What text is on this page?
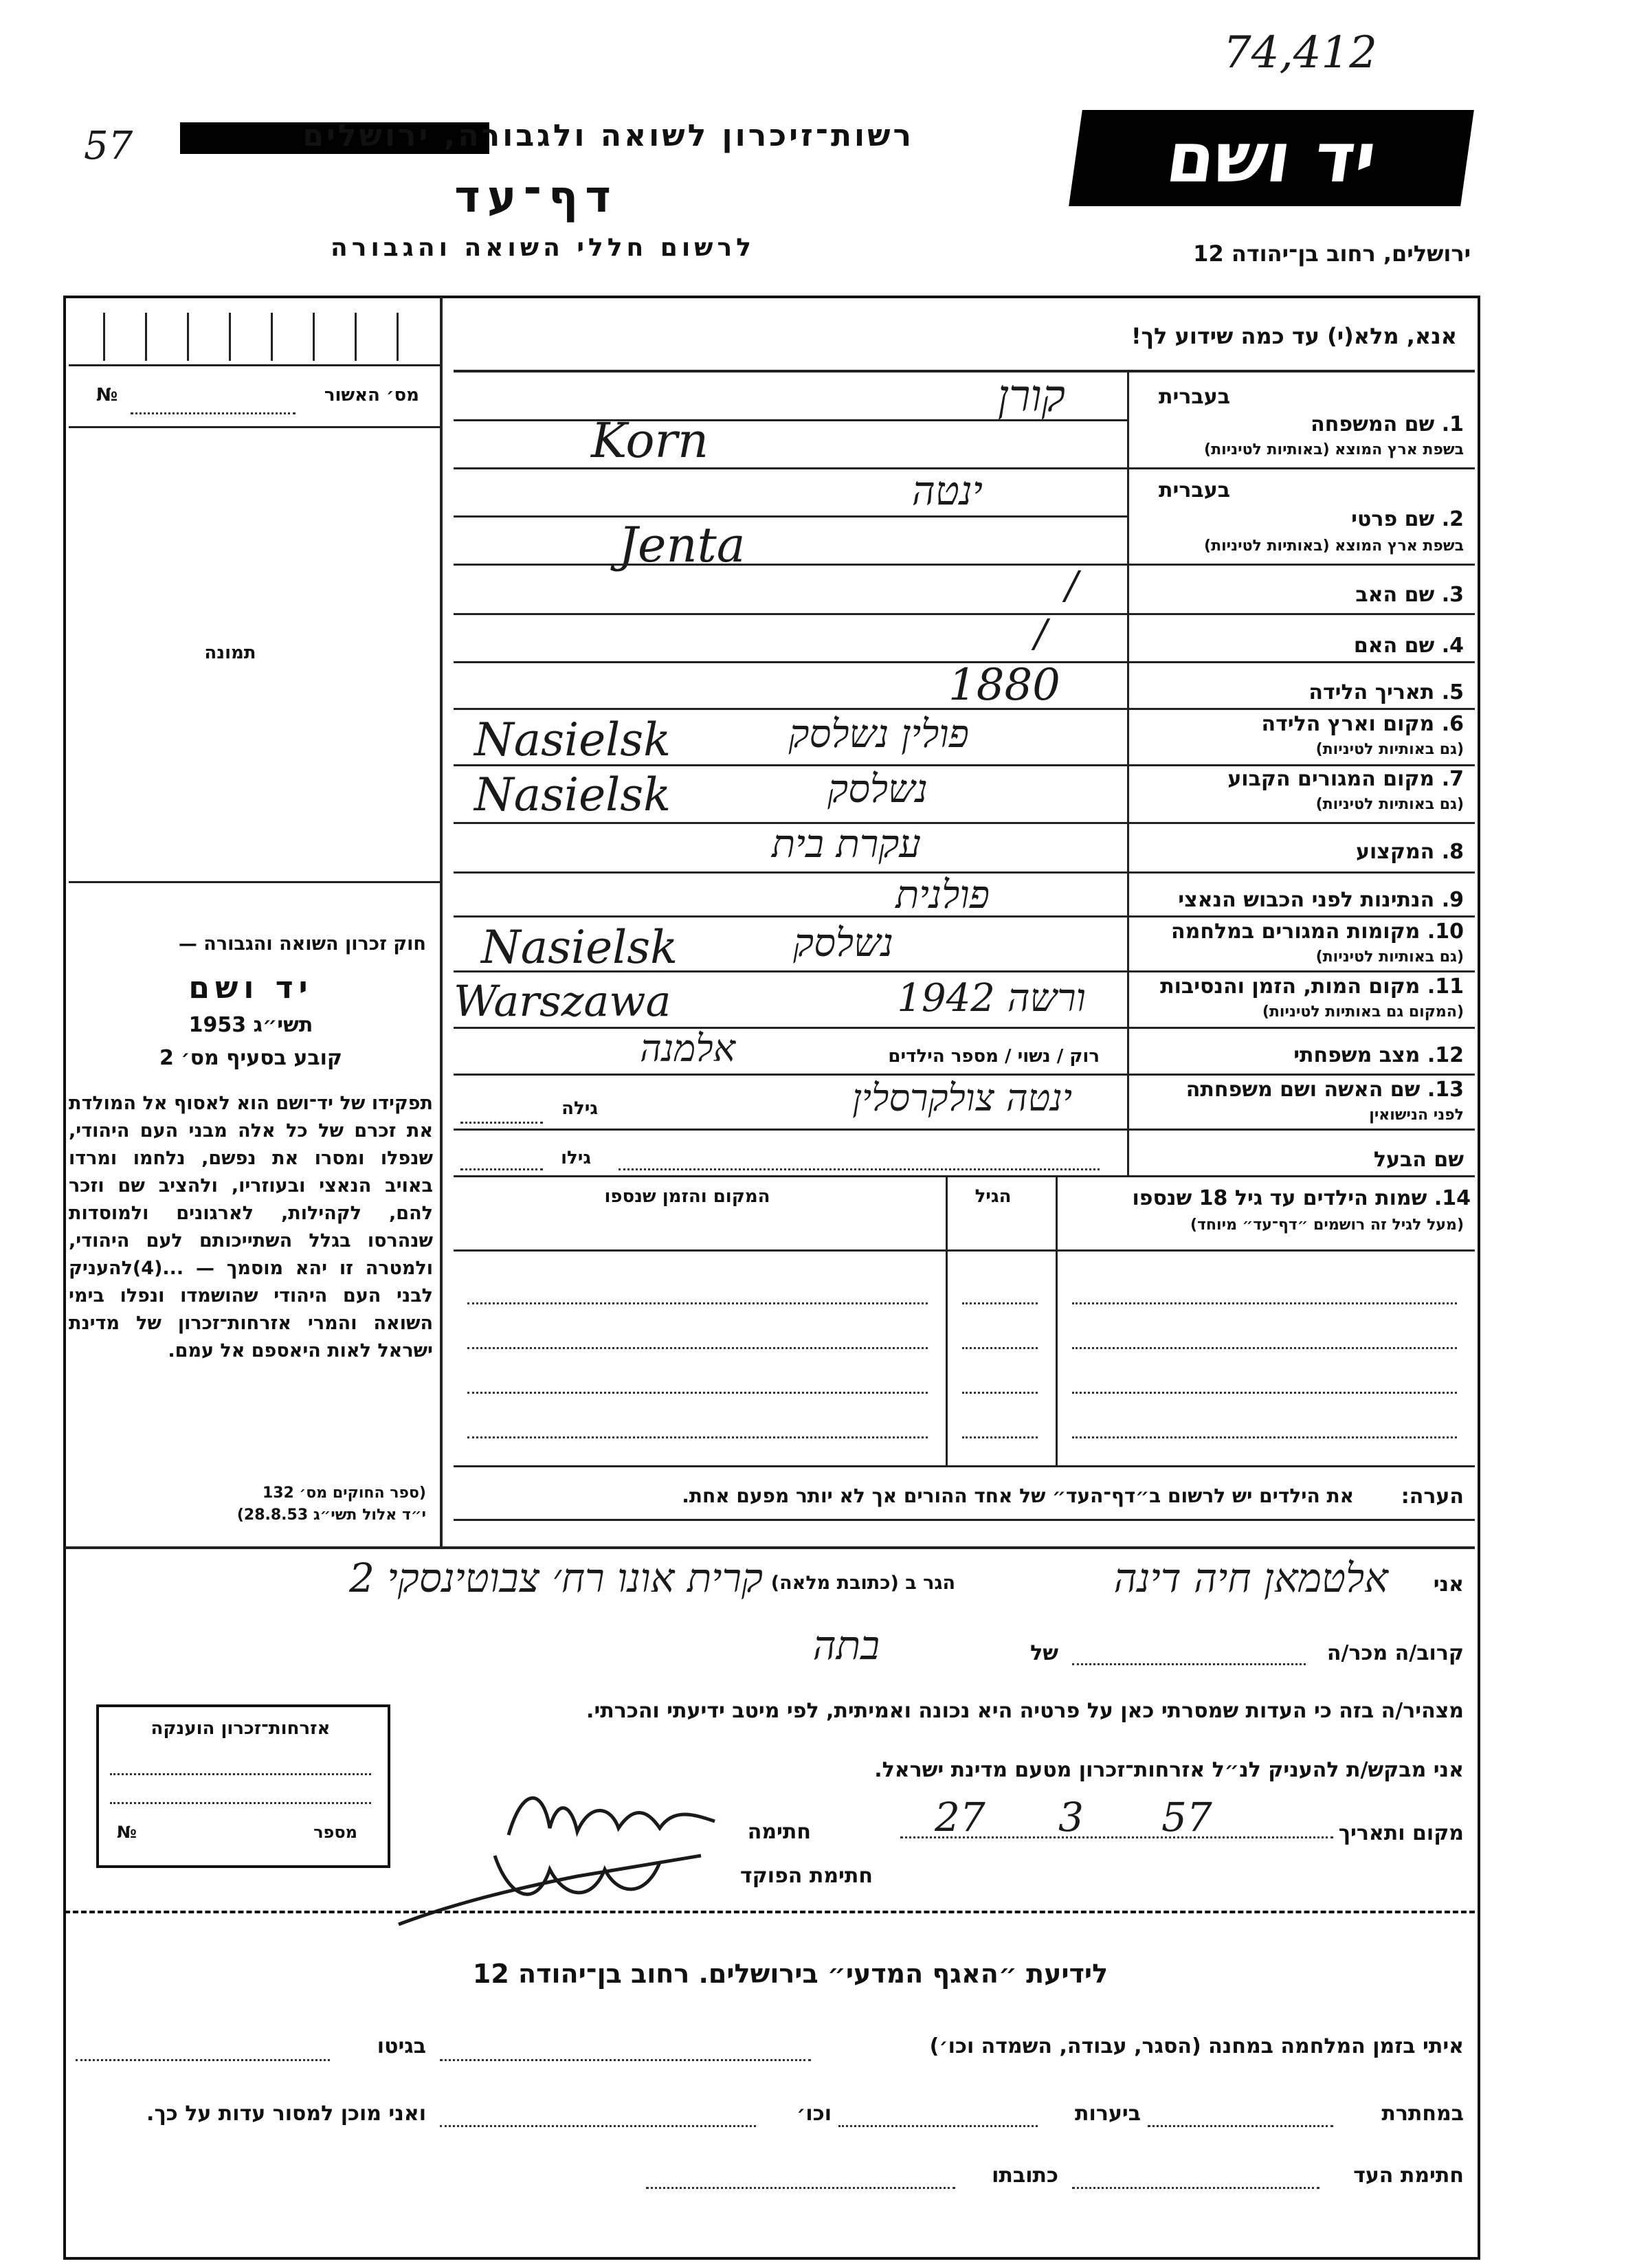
74,412
57	רשות־זיכרון לשואה ולגבורה, ירושלים
דף־עד
לרשום חללי השואה והגבורה
יד ושם
ירושלים, רחוב בן־יהודה 12
מס׳ האשור
№
תמונה
חוק זכרון השואה והגבורה —
יד ושם
תשי״ג 1953
קובע בסעיף מס׳ 2
תפקידו של יד־ושם הוא לאסוף אל המולדת את זכרם של כל אלה מבני העם היהודי, שנפלו ומסרו את נפשם, נלחמו ומרדו באויב הנאצי ובעוזריו, ולהציב שם וזכר להם, לקהילות, לארגונים ולמוסדות שנהרסו בגלל השתייכותם לעם היהודי, ולמטרה זו יהא מוסמך — ...(4)להעניק לבני העם היהודי שהושמדו ונפלו בימי השואה והמרי אזרחות־זכרון של מדינת ישראל לאות היאספם אל עמם.
(ספר החוקים מס׳ 132
י״ד אלול תשי״ג 28.8.53)
אזרחות־זכרון הוענקה
מספר
№
אנא, מלא(י) עד כמה שידוע לך!
בעברית
קורן
1. שם המשפחה
בשפת ארץ המוצא (באותיות לטיניות)
Korn
בעברית
ינטה
2. שם פרטי
בשפת ארץ המוצא (באותיות לטיניות)
Jenta
3. שם האב
/
4. שם האם
/
5. תאריך הלידה
1880
6. מקום וארץ הלידה
(גם באותיות לטיניות)
פולין נשלסק
Nasielsk
7. מקום המגורים הקבוע
(גם באותיות לטיניות)
נשלסק
Nasielsk
8. המקצוע
עקרת בית
9. הנתינות לפני הכבוש הנאצי
פולנית
10. מקומות המגורים במלחמה
(גם באותיות לטיניות)
נשלסק
Nasielsk
11. מקום המות, הזמן והנסיבות
(המקום גם באותיות לטיניות)
ורשה 1942
Warszawa
12. מצב משפחתי
רוק / נשוי / מספר הילדים
אלמנה
13. שם האשה ושם משפחתה
לפני הנישואין
ינטה צולקרסלין
גילה
שם הבעל
גילו
14. שמות הילדים עד גיל 18 שנספו
(מעל לגיל זה רושמים ״דף־עד״ מיוחד)
הגיל
המקום והזמן שנספו
הערה:
את הילדים יש לרשום ב״דף־העד״ של אחד ההורים אך לא יותר מפעם אחת.
אני
אלטמאן חיה דינה
הגר ב (כתובת מלאה)
קרית אונו רח׳ צבוטינסקי 2
קרוב/ה מכר/ה
של
בתה
מצהיר/ה בזה כי העדות שמסרתי כאן על פרטיה היא נכונה ואמיתית, לפי מיטב ידיעתי והכרתי.
אני מבקש/ת להעניק לנ״ל אזרחות־זכרון מטעם מדינת ישראל.
מקום ותאריך
27 3 57
חתימה
חתימת הפוקד
לידיעת ״האגף המדעי״ בירושלים. רחוב בן־יהודה 12
איתי בזמן המלחמה במחנה (הסגר, עבודה, השמדה וכו׳)
בגיטו
במחתרת
ביערות
וכו׳
ואני מוכן למסור עדות על כך.
חתימת העד
כתובתו
